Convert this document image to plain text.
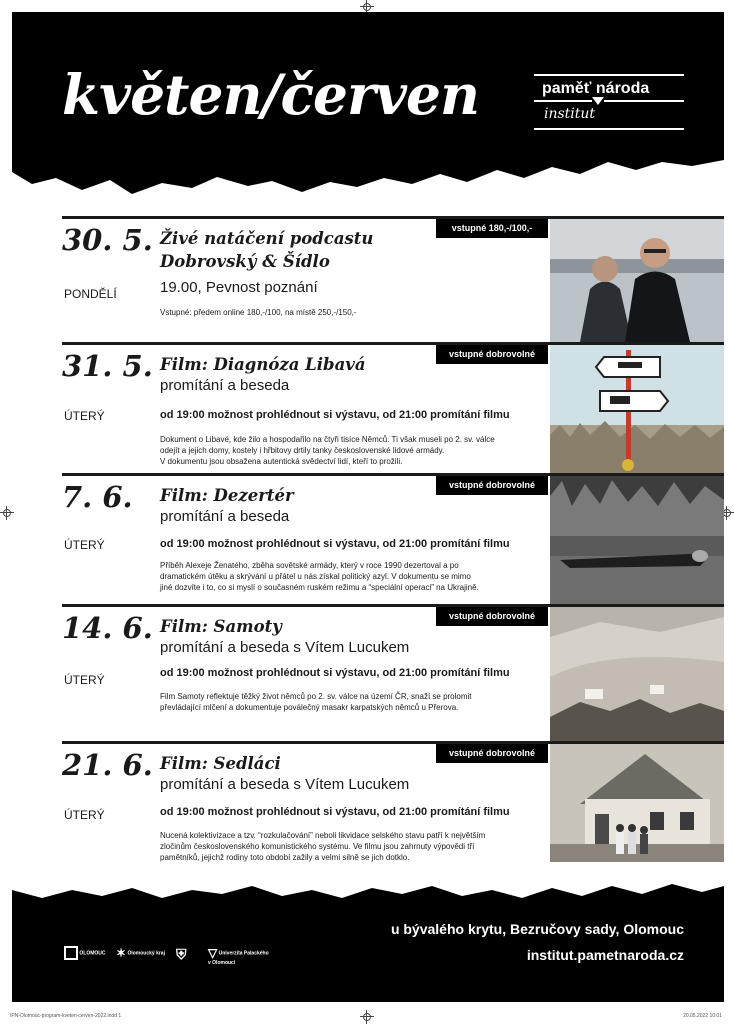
květen/červen	paměť národa
institut
30. 5.
PONDĚLÍ
Živé natáčení podcastu
Dobrovský & Šídlo
19.00, Pevnost poznání
Vstupné: předem online 180,-/100, na místě 250,-/150,-
vstupné 180,-/100,-
31. 5.
ÚTERÝ
Film: Diagnóza Libavá
promítání a beseda
od 19:00 možnost prohlédnout si výstavu, od 21:00 promítání filmu
Dokument o Libavé, kde žilo a hospodařilo na čtyři tisíce Němců. Ti však museli po 2. sv. válce
odejít a jejich domy, kostely i hřbitovy drtily tanky československé lidové armády.
V dokumentu jsou obsažena autentická svědectví lidí, kteří to prožili.
vstupné dobrovolné
7. 6.
ÚTERÝ
Film: Dezertér
promítání a beseda
od 19:00 možnost prohlédnout si výstavu, od 21:00 promítání filmu
Příběh Alexeje Ženatého, zběha sovětské armády, který v roce 1990 dezertoval a po
dramatickém útěku a skrývání u přátel u nás získal politický azyl. V dokumentu se mimo
jiné dozvíte i to, co si myslí o současném ruském režimu a “speciální operaci” na Ukrajině.
vstupné dobrovolné
14. 6.
ÚTERÝ
Film: Samoty
promítání a beseda s Vítem Lucukem
od 19:00 možnost prohlédnout si výstavu, od 21:00 promítání filmu
Film Samoty reflektuje těžký život němců po 2. sv. válce na území ČR, snaží se prolomit
převládající mlčení a dokumentuje poválečný masakr karpatských němců u Přerova.
vstupné dobrovolné
21. 6.
ÚTERÝ
Film: Sedláci
promítání a beseda s Vítem Lucukem
od 19:00 možnost prohlédnout si výstavu, od 21:00 promítání filmu
Nucená kolektivizace a tzv. “rozkulačování” neboli likvidace selského stavu patří k největším
zločinům československého komunistického systému. Ve filmu jsou zahrnuty výpovědi tří
pamětníků, jejichž rodiny toto období zažily a velmi silně se jich dotklo.
vstupné dobrovolné
u bývalého krytu, Bezručovy sady, Olomouc
institut.pametnaroda.cz
OLOMOUC ✶ Olomoucký kraj ⛨ ▽ Univerzita Palackého v Olomouci
IPN-Olomouc-program-kveten-cerven-2022.indd 1	20.05.2022 10:01
